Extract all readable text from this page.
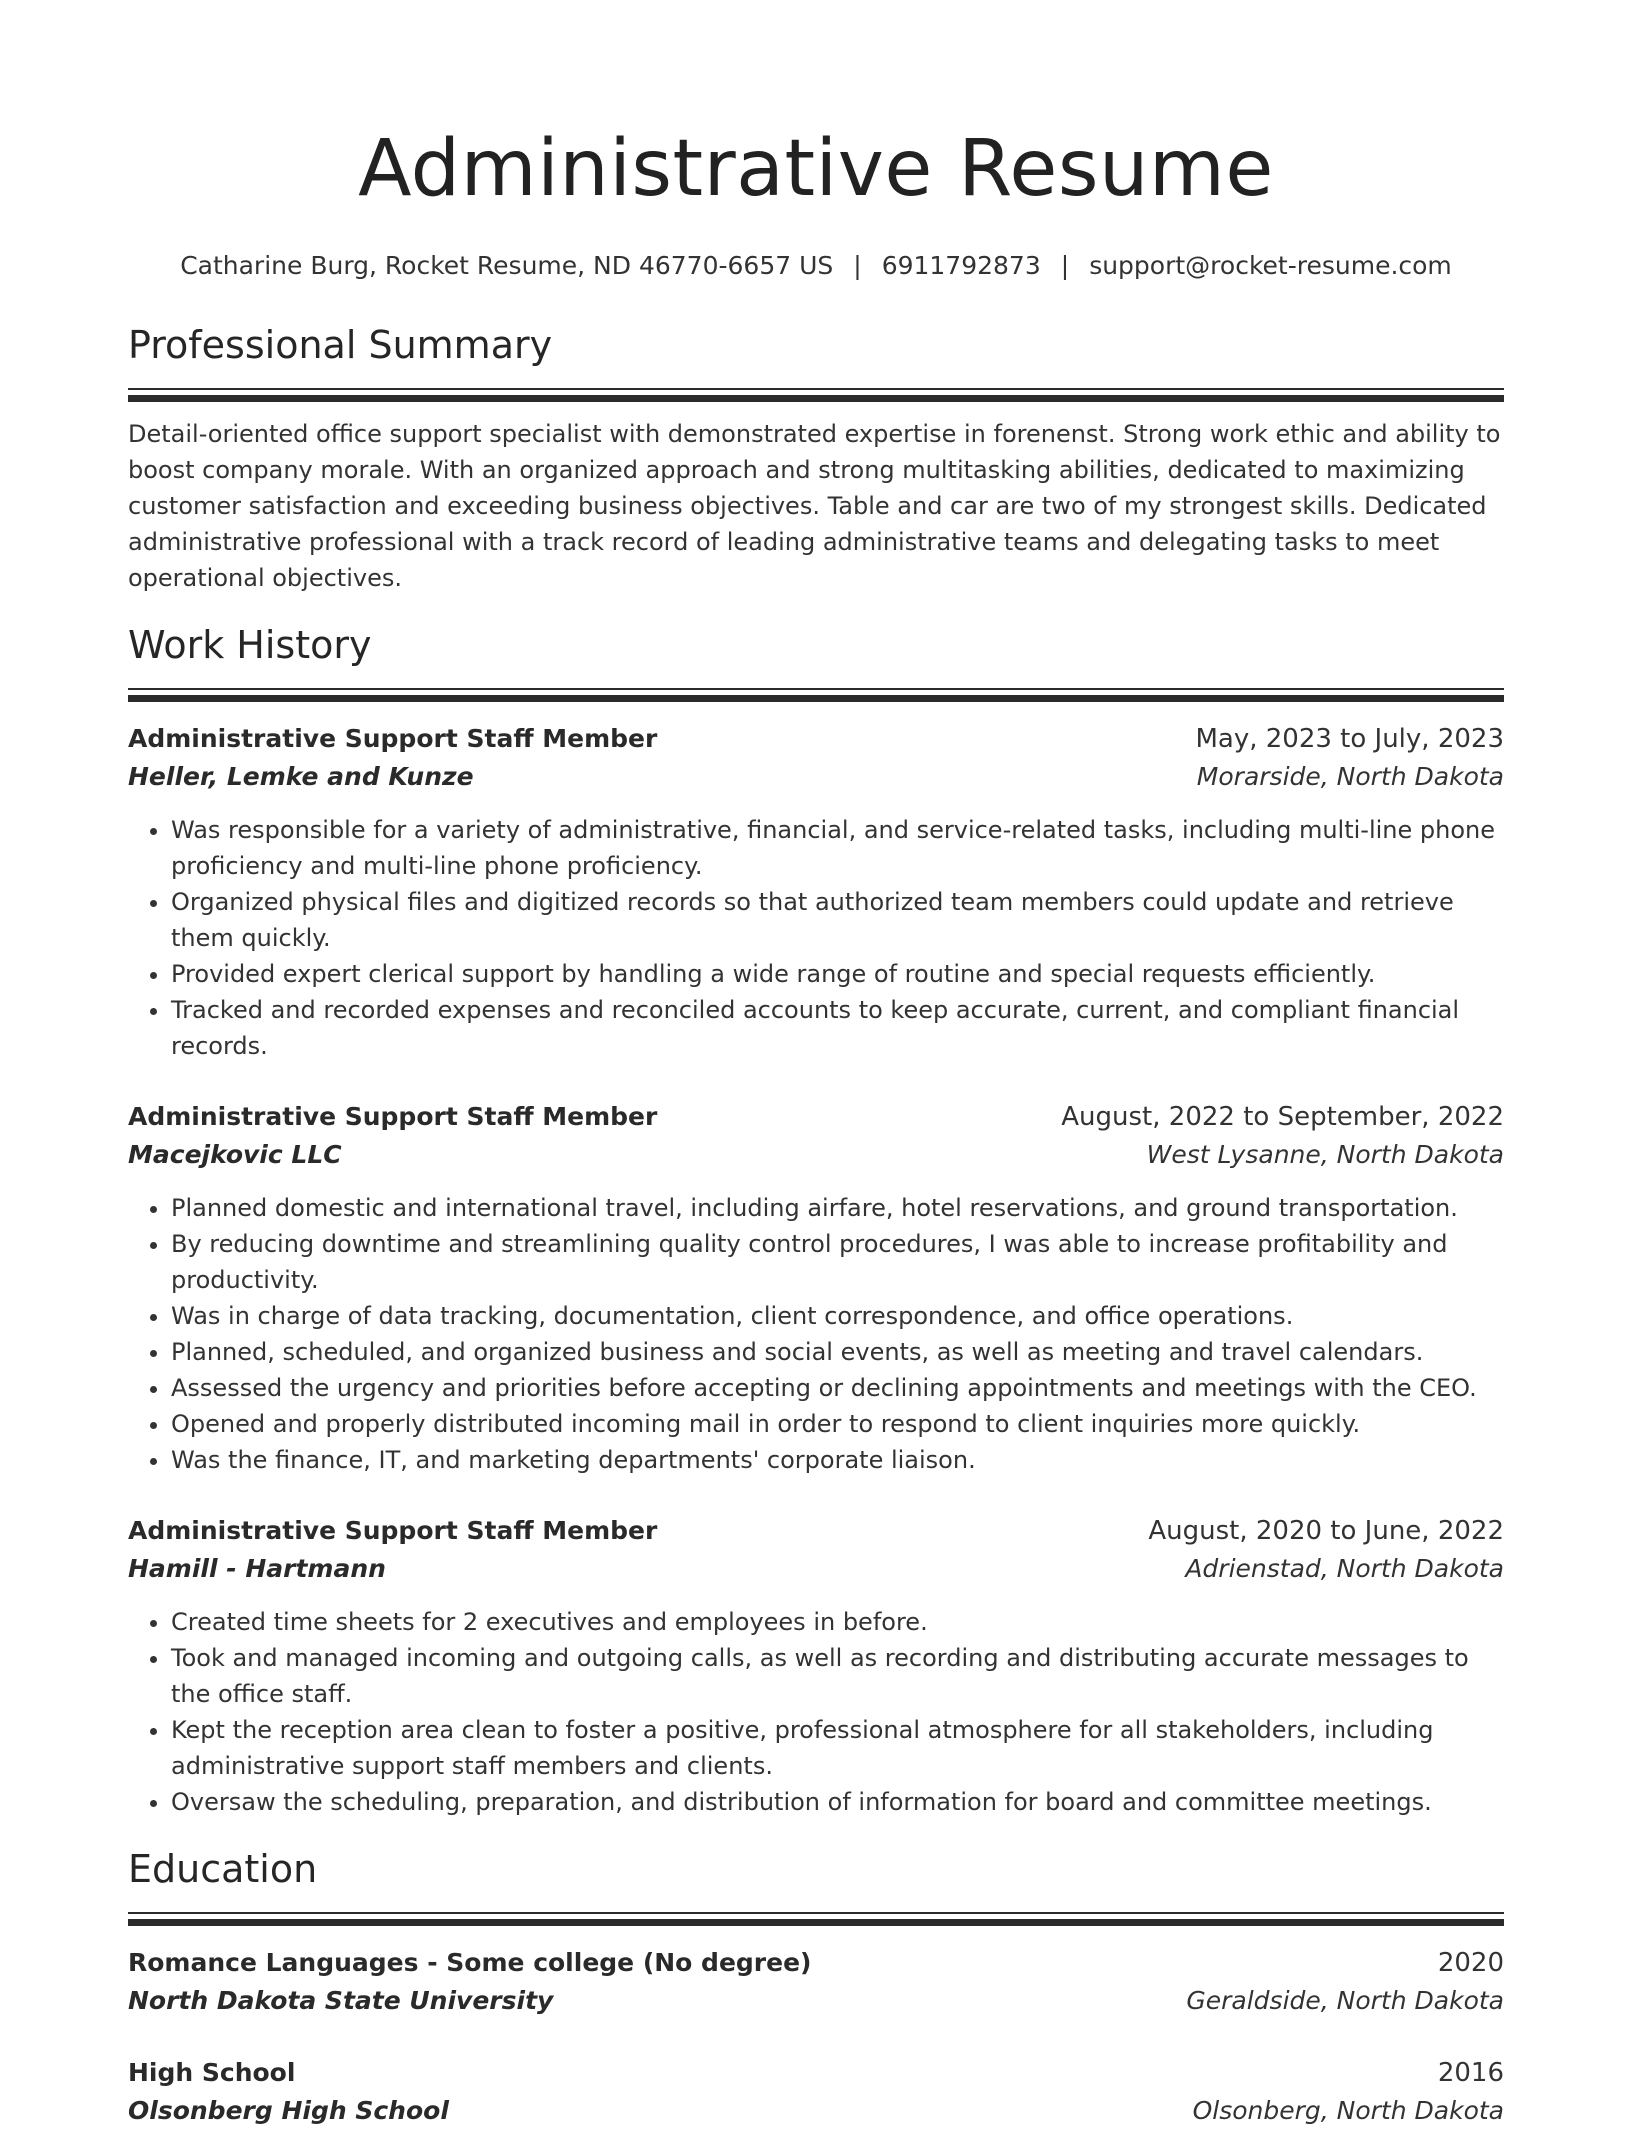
Administrative Resume
Catharine Burg, Rocket Resume, ND 46770-6657 US | 6911792873 | support@rocket-resume.com
Professional Summary

Detail-oriented office support specialist with demonstrated expertise in forenenst. Strong work ethic and ability to boost company morale. With an organized approach and strong multitasking abilities, dedicated to maximizing customer satisfaction and exceeding business objectives. Table and car are two of my strongest skills. Dedicated administrative professional with a track record of leading administrative teams and delegating tasks to meet operational objectives.

Work History
Administrative Support Staff Member	May, 2023 to July, 2023
Heller, Lemke and Kunze	Morarside, North Dakota
• Was responsible for a variety of administrative, financial, and service-related tasks, including multi-line phone proficiency and multi-line phone proficiency.
• Organized physical files and digitized records so that authorized team members could update and retrieve them quickly.
• Provided expert clerical support by handling a wide range of routine and special requests efficiently.
• Tracked and recorded expenses and reconciled accounts to keep accurate, current, and compliant financial records.
Administrative Support Staff Member	August, 2022 to September, 2022
Macejkovic LLC	West Lysanne, North Dakota
• Planned domestic and international travel, including airfare, hotel reservations, and ground transportation.
• By reducing downtime and streamlining quality control procedures, I was able to increase profitability and productivity.
• Was in charge of data tracking, documentation, client correspondence, and office operations.
• Planned, scheduled, and organized business and social events, as well as meeting and travel calendars.
• Assessed the urgency and priorities before accepting or declining appointments and meetings with the CEO.
• Opened and properly distributed incoming mail in order to respond to client inquiries more quickly.
• Was the finance, IT, and marketing departments' corporate liaison.
Administrative Support Staff Member	August, 2020 to June, 2022
Hamill - Hartmann	Adrienstad, North Dakota
• Created time sheets for 2 executives and employees in before.
• Took and managed incoming and outgoing calls, as well as recording and distributing accurate messages to the office staff.
• Kept the reception area clean to foster a positive, professional atmosphere for all stakeholders, including administrative support staff members and clients.
• Oversaw the scheduling, preparation, and distribution of information for board and committee meetings.
Education
Romance Languages - Some college (No degree)	2020
North Dakota State University	Geraldside, North Dakota
High School	2016
Olsonberg High School	Olsonberg, North Dakota
